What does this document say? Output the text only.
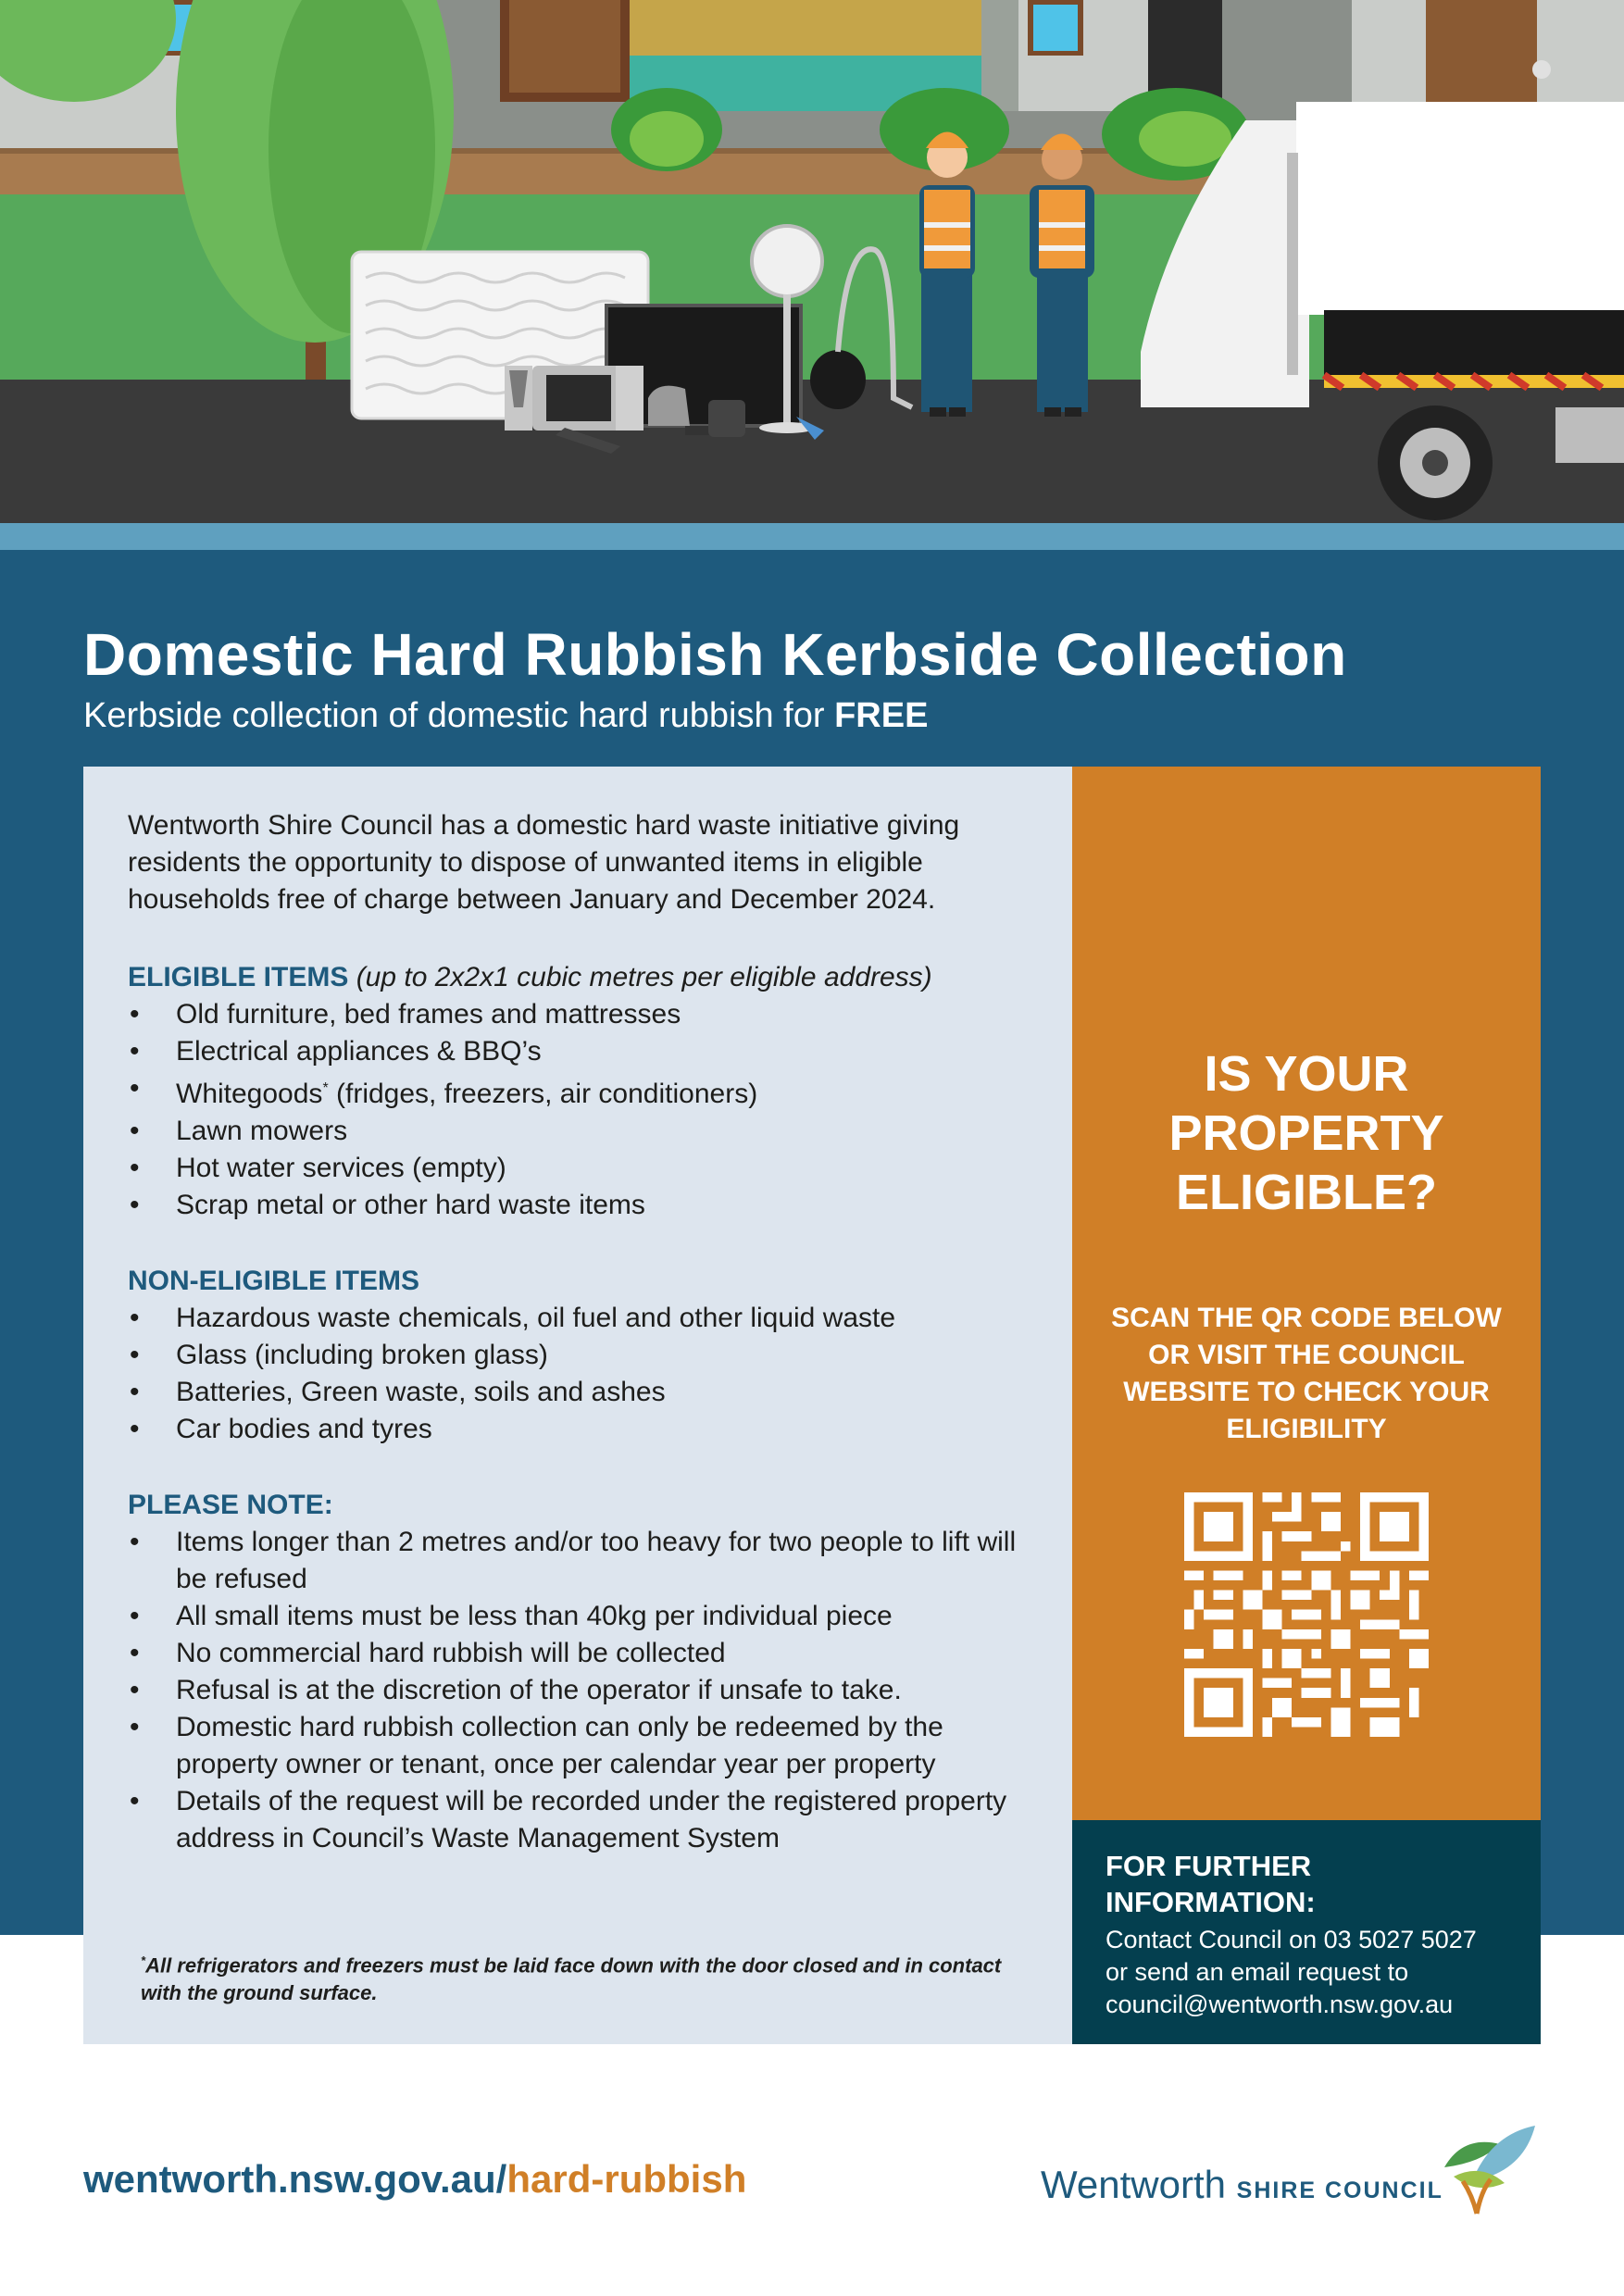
Domestic Hard Rubbish Kerbside Collection

Kerbside collection of domestic hard rubbish for FREE

Wentworth Shire Council has a domestic hard waste initiative giving residents the opportunity to dispose of unwanted items in eligible households free of charge between January and December 2024.

ELIGIBLE ITEMS (up to 2x2x1 cubic metres per eligible address)

• Old furniture, bed frames and mattresses
• Electrical appliances & BBQ’s
• Whitegoods* (fridges, freezers, air conditioners)
• Lawn mowers
• Hot water services (empty)
• Scrap metal or other hard waste items

NON-ELIGIBLE ITEMS

• Hazardous waste chemicals, oil fuel and other liquid waste
• Glass (including broken glass)
• Batteries, Green waste, soils and ashes
• Car bodies and tyres

PLEASE NOTE:

• Items longer than 2 metres and/or too heavy for two people to lift will be refused
• All small items must be less than 40kg per individual piece
• No commercial hard rubbish will be collected
• Refusal is at the discretion of the operator if unsafe to take.
• Domestic hard rubbish collection can only be redeemed by the property owner or tenant, once per calendar year per property
• Details of the request will be recorded under the registered property address in Council’s Waste Management System

*All refrigerators and freezers must be laid face down with the door closed and in contact with the ground surface.

IS YOUR
PROPERTY
ELIGIBLE?

SCAN THE QR CODE BELOW
OR VISIT THE COUNCIL
WEBSITE TO CHECK YOUR
ELIGIBILITY

FOR FURTHER
INFORMATION:

Contact Council on 03 5027 5027
or send an email request to
council@wentworth.nsw.gov.au

wentworth.nsw.gov.au/hard-rubbish	Wentworth SHIRE COUNCIL
